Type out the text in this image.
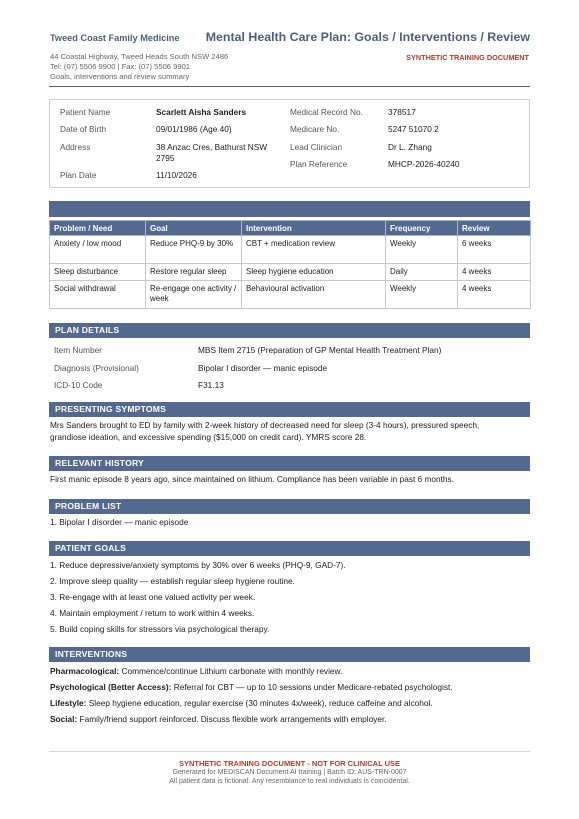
Tweed Coast Family Medicine Mental Health Care Plan: Goals / Interventions / Review
44 Coastal Highway, Tweed Heads South NSW 2486
Tel: (07) 5506 9900 | Fax: (07) 5506 9901
Goals, interventions and review summary
SYNTHETIC TRAINING DOCUMENT
Patient Name	Scarlett Aisha Sanders
Date of Birth	09/01/1986 (Age 40)
Address	38 Anzac Cres, Bathurst NSW
2795
Plan Date	11/10/2026
Medical Record No.	378517
Medicare No.	5247 51070 2
Lead Clinician	Dr L. Zhang
Plan Reference	MHCP-2026-40240
Problem / Need	Goal	Intervention	Frequency	Review
Anxiety / low mood	Reduce PHQ-9 by 30%	CBT + medication review	Weekly	6 weeks
Sleep disturbance	Restore regular sleep	Sleep hygiene education	Daily	4 weeks
Social withdrawal	Re-engage one activity / week	Behavioural activation	Weekly	4 weeks
PLAN DETAILS
Item Number	MBS Item 2715 (Preparation of GP Mental Health Treatment Plan)
Diagnosis (Provisional)	Bipolar I disorder — manic episode
ICD-10 Code	F31.13
PRESENTING SYMPTOMS
Mrs Sanders brought to ED by family with 2-week history of decreased need for sleep (3-4 hours), pressured speech,
grandiose ideation, and excessive spending ($15,000 on credit card). YMRS score 28.
RELEVANT HISTORY
First manic episode 8 years ago, since maintained on lithium. Compliance has been variable in past 6 months.
PROBLEM LIST
1. Bipolar I disorder — manic episode
PATIENT GOALS
1. Reduce depressive/anxiety symptoms by 30% over 6 weeks (PHQ-9, GAD-7).
2. Improve sleep quality — establish regular sleep hygiene routine.
3. Re-engage with at least one valued activity per week.
4. Maintain employment / return to work within 4 weeks.
5. Build coping skills for stressors via psychological therapy.
INTERVENTIONS
Pharmacological: Commence/continue Lithium carbonate with monthly review.
Psychological (Better Access): Referral for CBT — up to 10 sessions under Medicare-rebated psychologist.
Lifestyle: Sleep hygiene education, regular exercise (30 minutes 4x/week), reduce caffeine and alcohol.
Social: Family/friend support reinforced. Discuss flexible work arrangements with employer.
SYNTHETIC TRAINING DOCUMENT - NOT FOR CLINICAL USE
Generated for MEDISCAN Document AI training | Batch ID: AUS-TRN-0007
All patient data is fictional. Any resemblance to real individuals is coincidental.
